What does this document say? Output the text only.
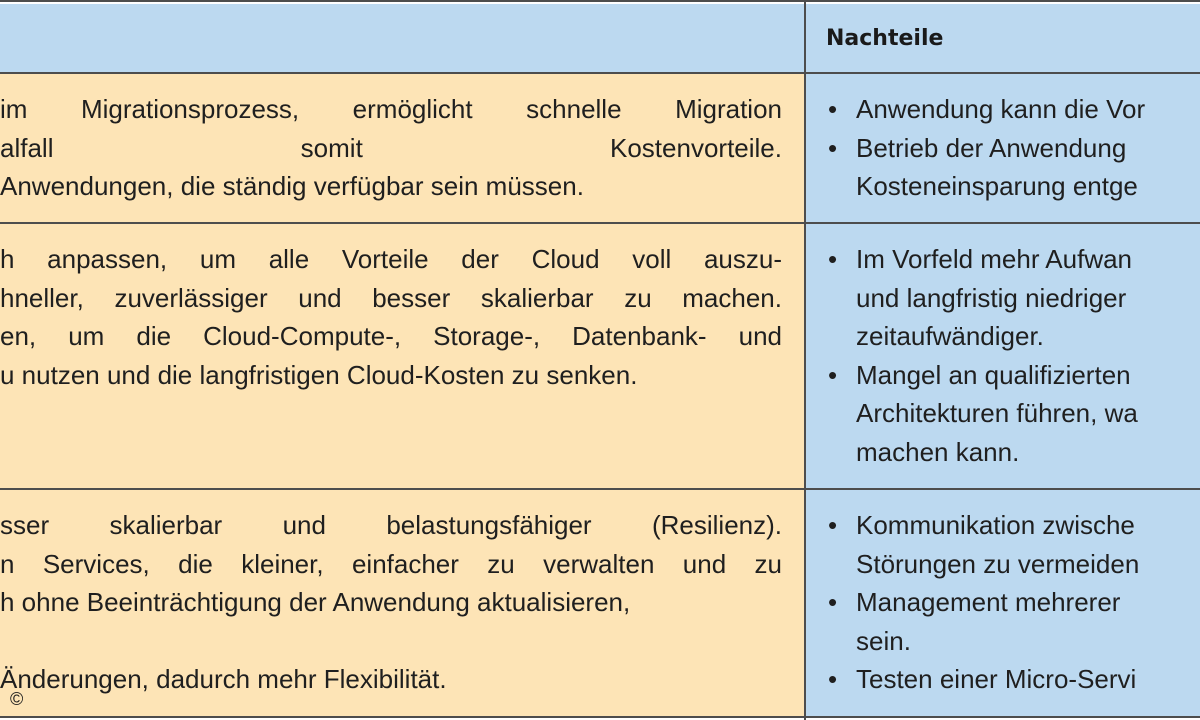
Nachteile
im Migrationsprozess, ermöglicht schnelle Migration
alfall somit Kostenvorteile.
Anwendungen, die ständig verfügbar sein müssen.
• Anwendung kann die Vor
• Betrieb der Anwendung
Kosteneinsparung entge
h anpassen, um alle Vorteile der Cloud voll auszu-
hneller, zuverlässiger und besser skalierbar zu machen.
en, um die Cloud-Compute-, Storage-, Datenbank- und
u nutzen und die langfristigen Cloud-Kosten zu senken.
• Im Vorfeld mehr Aufwan
und langfristig niedriger
zeitaufwändiger.
• Mangel an qualifizierten
Architekturen führen, wa
machen kann.
sser skalierbar und belastungsfähiger (Resilienz).
n Services, die kleiner, einfacher zu verwalten und zu
h ohne Beeinträchtigung der Anwendung aktualisieren,

Änderungen, dadurch mehr Flexibilität.
• Kommunikation zwische
Störungen zu vermeiden
• Management mehrerer
sein.
• Testen einer Micro-Servi
©
